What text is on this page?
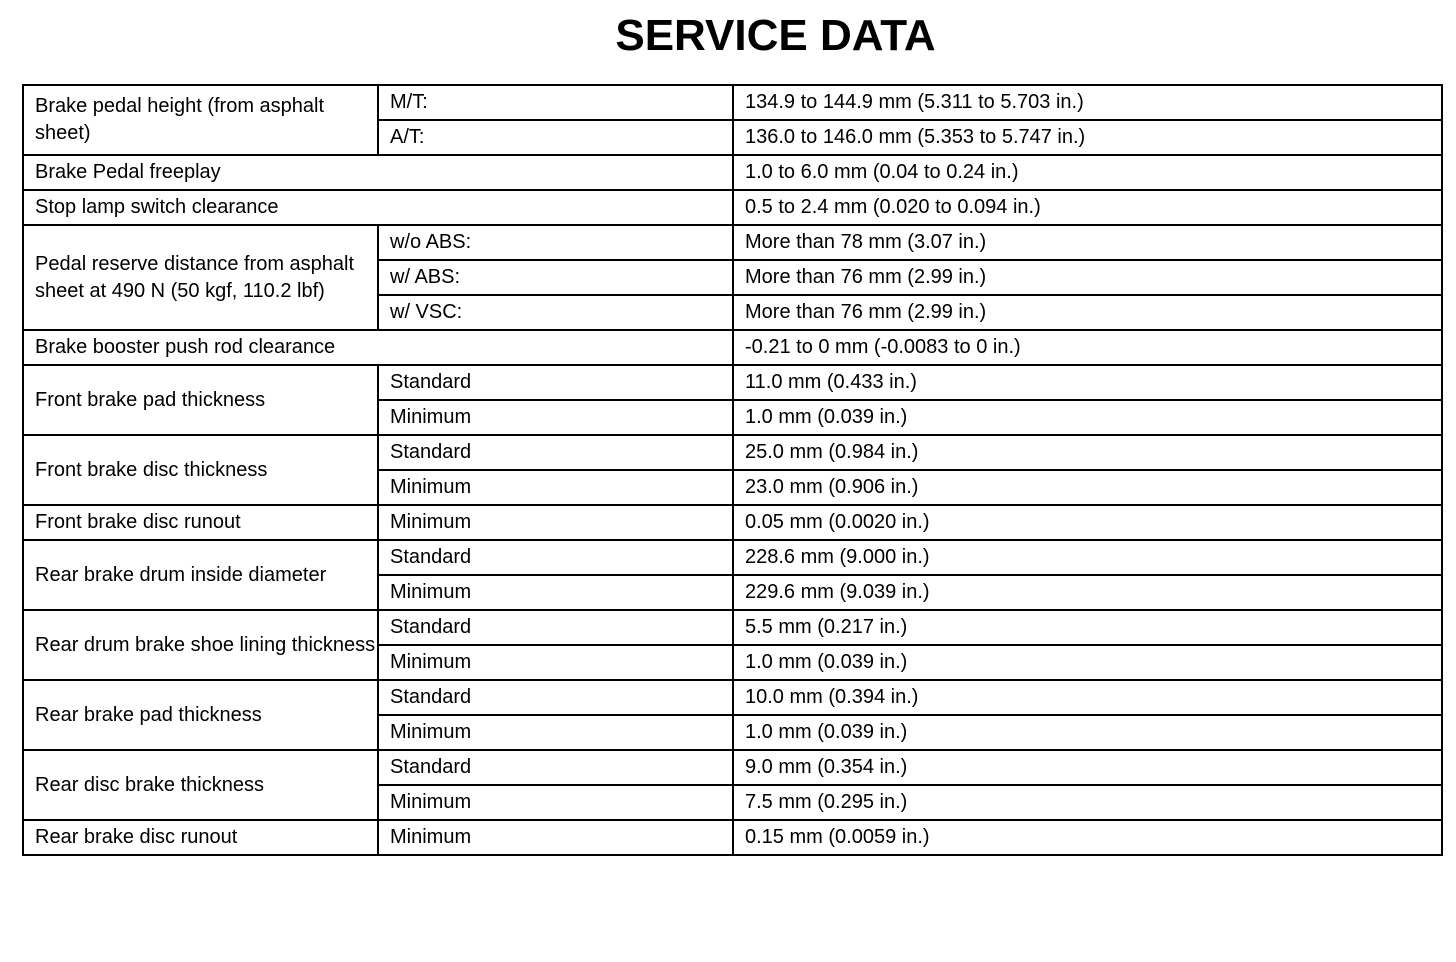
SERVICE DATA
Brake pedal height (from asphalt sheet)	M/T:	134.9 to 144.9 mm (5.311 to 5.703 in.)
	A/T:	136.0 to 146.0 mm (5.353 to 5.747 in.)
Brake Pedal freeplay		1.0 to 6.0 mm (0.04 to 0.24 in.)
Stop lamp switch clearance		0.5 to 2.4 mm (0.020 to 0.094 in.)
Pedal reserve distance from asphalt sheet at 490 N (50 kgf, 110.2 lbf)	w/o ABS:	More than 78 mm (3.07 in.)
	w/ ABS:	More than 76 mm (2.99 in.)
	w/ VSC:	More than 76 mm (2.99 in.)
Brake booster push rod clearance		-0.21 to 0 mm (-0.0083 to 0 in.)
Front brake pad thickness	Standard	11.0 mm (0.433 in.)
	Minimum	1.0 mm (0.039 in.)
Front brake disc thickness	Standard	25.0 mm (0.984 in.)
	Minimum	23.0 mm (0.906 in.)
Front brake disc runout	Minimum	0.05 mm (0.0020 in.)
Rear brake drum inside diameter	Standard	228.6 mm (9.000 in.)
	Minimum	229.6 mm (9.039 in.)
Rear drum brake shoe lining thickness	Standard	5.5 mm (0.217 in.)
	Minimum	1.0 mm (0.039 in.)
Rear brake pad thickness	Standard	10.0 mm (0.394 in.)
	Minimum	1.0 mm (0.039 in.)
Rear disc brake thickness	Standard	9.0 mm (0.354 in.)
	Minimum	7.5 mm (0.295 in.)
Rear brake disc runout	Minimum	0.15 mm (0.0059 in.)
